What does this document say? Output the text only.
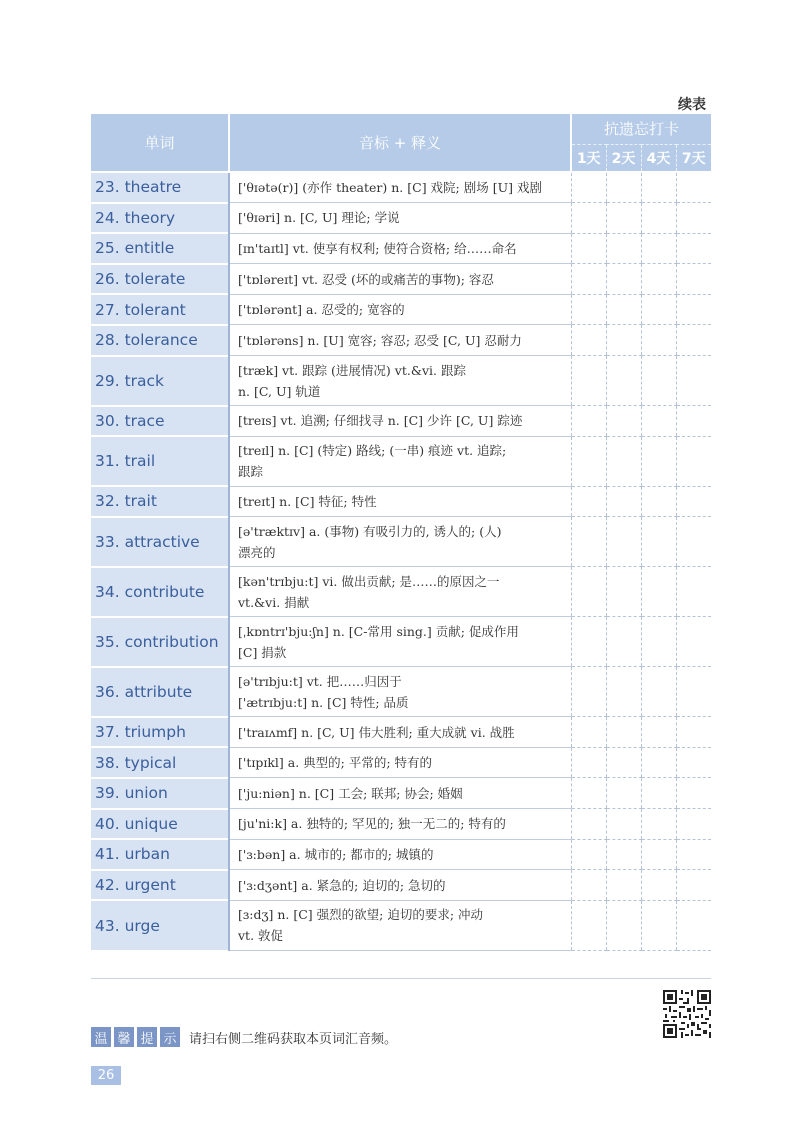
续表
单词	音标 + 释义	抗遗忘打卡			
		1天	2天	4天	7天
23. theatre	['θɪətə(r)] (亦作 theater) n. [C] 戏院; 剧场 [U] 戏剧				

24. theory	['θɪəri] n. [C, U] 理论; 学说				

25. entitle	[ɪn'taɪtl] vt. 使享有权利; 使符合资格; 给……命名				

26. tolerate	['tɒləreɪt] vt. 忍受 (坏的或痛苦的事物); 容忍				

27. tolerant	['tɒlərənt] a. 忍受的; 宽容的				

28. tolerance	['tɒlərəns] n. [U] 宽容; 容忍; 忍受 [C, U] 忍耐力				

29. track	[træk] vt. 跟踪 (进展情况) vt.&vi. 跟踪
n. [C, U] 轨道				

30. trace	[treɪs] vt. 追溯; 仔细找寻 n. [C] 少许 [C, U] 踪迹				

31. trail	[treɪl] n. [C] (特定) 路线; (一串) 痕迹 vt. 追踪;
跟踪				

32. trait	[treɪt] n. [C] 特征; 特性				

33. attractive	[ə'træktɪv] a. (事物) 有吸引力的, 诱人的; (人)
漂亮的				

34. contribute	[kən'trɪbju:t] vi. 做出贡献; 是……的原因之一
vt.&vi. 捐献				

35. contribution	[ˌkɒntrɪ'bju:ʃn] n. [C-常用 sing.] 贡献; 促成作用
[C] 捐款				

36. attribute	[ə'trɪbju:t] vt. 把……归因于
['ætrɪbju:t] n. [C] 特性; 品质				

37. triumph	['traɪʌmf] n. [C, U] 伟大胜利; 重大成就 vi. 战胜				

38. typical	['tɪpɪkl] a. 典型的; 平常的; 特有的				

39. union	['ju:niən] n. [C] 工会; 联邦; 协会; 婚姻				

40. unique	[ju'ni:k] a. 独特的; 罕见的; 独一无二的; 特有的				

41. urban	['ɜ:bən] a. 城市的; 都市的; 城镇的				

42. urgent	['ɜ:dʒənt] a. 紧急的; 迫切的; 急切的				

43. urge	[ɜ:dʒ] n. [C] 强烈的欲望; 迫切的要求; 冲动
vt. 敦促				

温 馨 提 示 请扫右侧二维码获取本页词汇音频。
26
